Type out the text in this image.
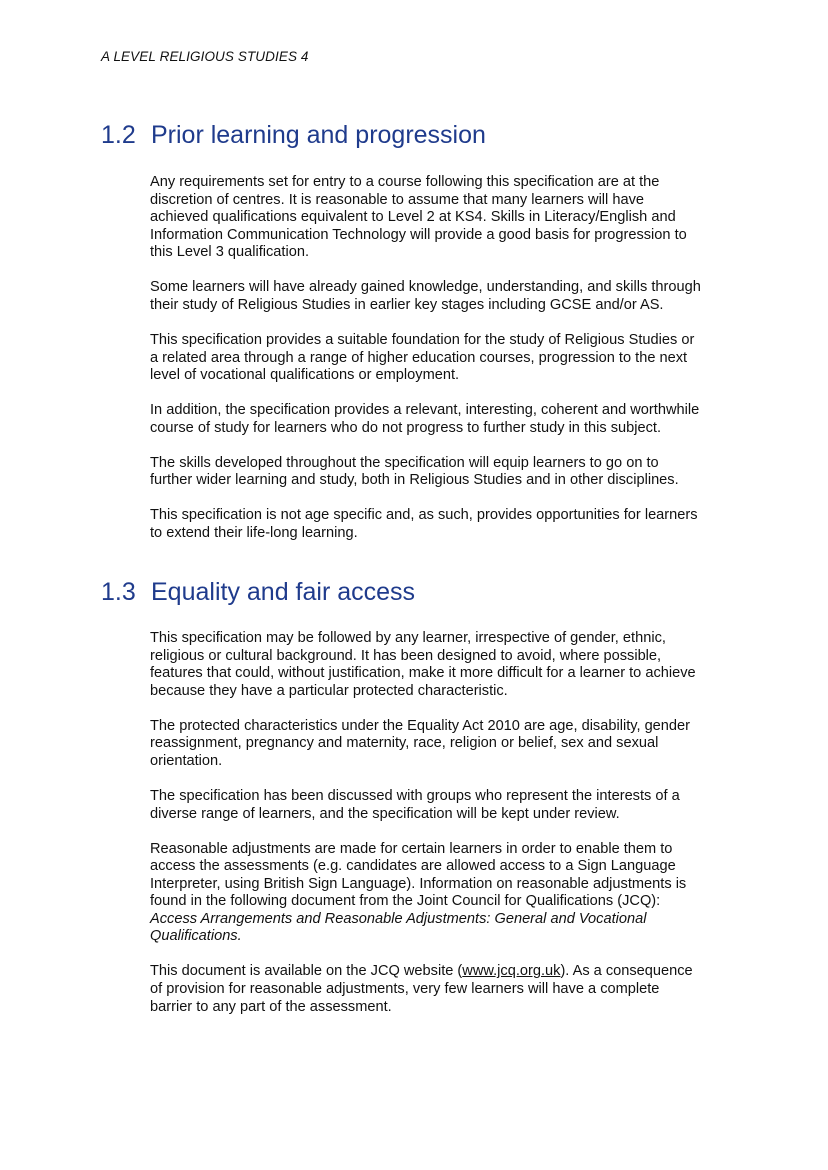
A LEVEL RELIGIOUS STUDIES 4
1.2 Prior learning and progression

Any requirements set for entry to a course following this specification are at the
discretion of centres. It is reasonable to assume that many learners will have
achieved qualifications equivalent to Level 2 at KS4. Skills in Literacy/English and
Information Communication Technology will provide a good basis for progression to
this Level 3 qualification.

Some learners will have already gained knowledge, understanding, and skills through
their study of Religious Studies in earlier key stages including GCSE and/or AS.

This specification provides a suitable foundation for the study of Religious Studies or
a related area through a range of higher education courses, progression to the next
level of vocational qualifications or employment.

In addition, the specification provides a relevant, interesting, coherent and worthwhile
course of study for learners who do not progress to further study in this subject.

The skills developed throughout the specification will equip learners to go on to
further wider learning and study, both in Religious Studies and in other disciplines.

This specification is not age specific and, as such, provides opportunities for learners
to extend their life-long learning.

1.3 Equality and fair access

This specification may be followed by any learner, irrespective of gender, ethnic,
religious or cultural background. It has been designed to avoid, where possible,
features that could, without justification, make it more difficult for a learner to achieve
because they have a particular protected characteristic.

The protected characteristics under the Equality Act 2010 are age, disability, gender
reassignment, pregnancy and maternity, race, religion or belief, sex and sexual
orientation.

The specification has been discussed with groups who represent the interests of a
diverse range of learners, and the specification will be kept under review.

Reasonable adjustments are made for certain learners in order to enable them to
access the assessments (e.g. candidates are allowed access to a Sign Language
Interpreter, using British Sign Language). Information on reasonable adjustments is
found in the following document from the Joint Council for Qualifications (JCQ):
Access Arrangements and Reasonable Adjustments: General and Vocational
Qualifications.

This document is available on the JCQ website (www.jcq.org.uk). As a consequence
of provision for reasonable adjustments, very few learners will have a complete
barrier to any part of the assessment.
